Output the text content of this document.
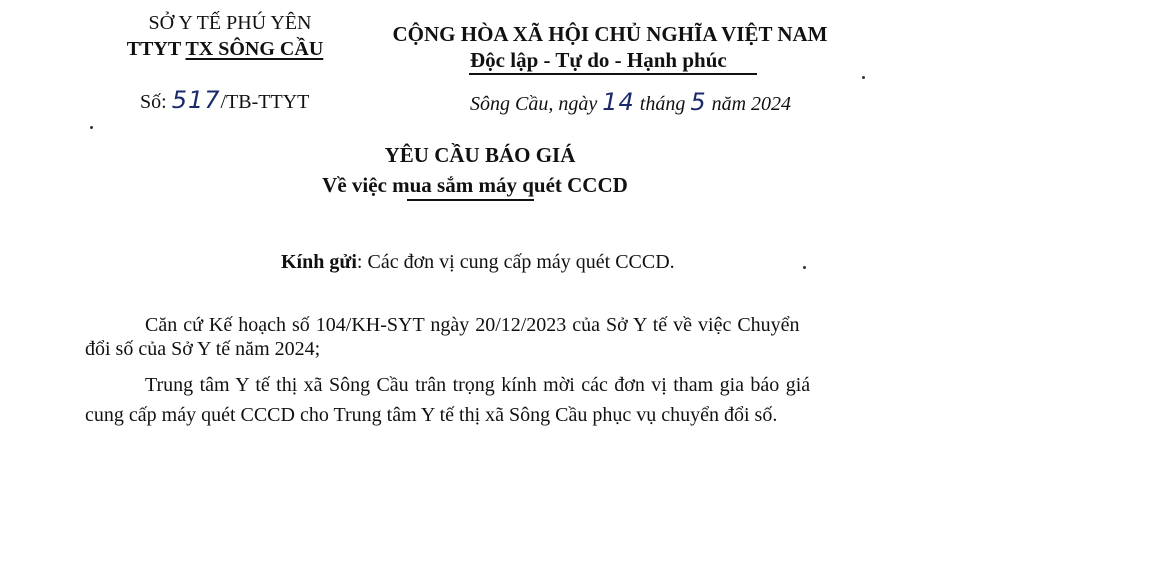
SỞ Y TẾ PHÚ YÊN
TTYT TX SÔNG CẦU
Số: 517/TB-TTYT
CỘNG HÒA XÃ HỘI CHỦ NGHĨA VIỆT NAM
Độc lập - Tự do - Hạnh phúc
Sông Cầu, ngày 14 tháng 5 năm 2024
YÊU CẦU BÁO GIÁ
Về việc mua sắm máy quét CCCD
Kính gửi: Các đơn vị cung cấp máy quét CCCD.
Căn cứ Kế hoạch số 104/KH-SYT ngày 20/12/2023 của Sở Y tế về việc Chuyển
đổi số của Sở Y tế năm 2024;
Trung tâm Y tế thị xã Sông Cầu trân trọng kính mời các đơn vị tham gia báo giá
cung cấp máy quét CCCD cho Trung tâm Y tế thị xã Sông Cầu phục vụ chuyển đổi số.
